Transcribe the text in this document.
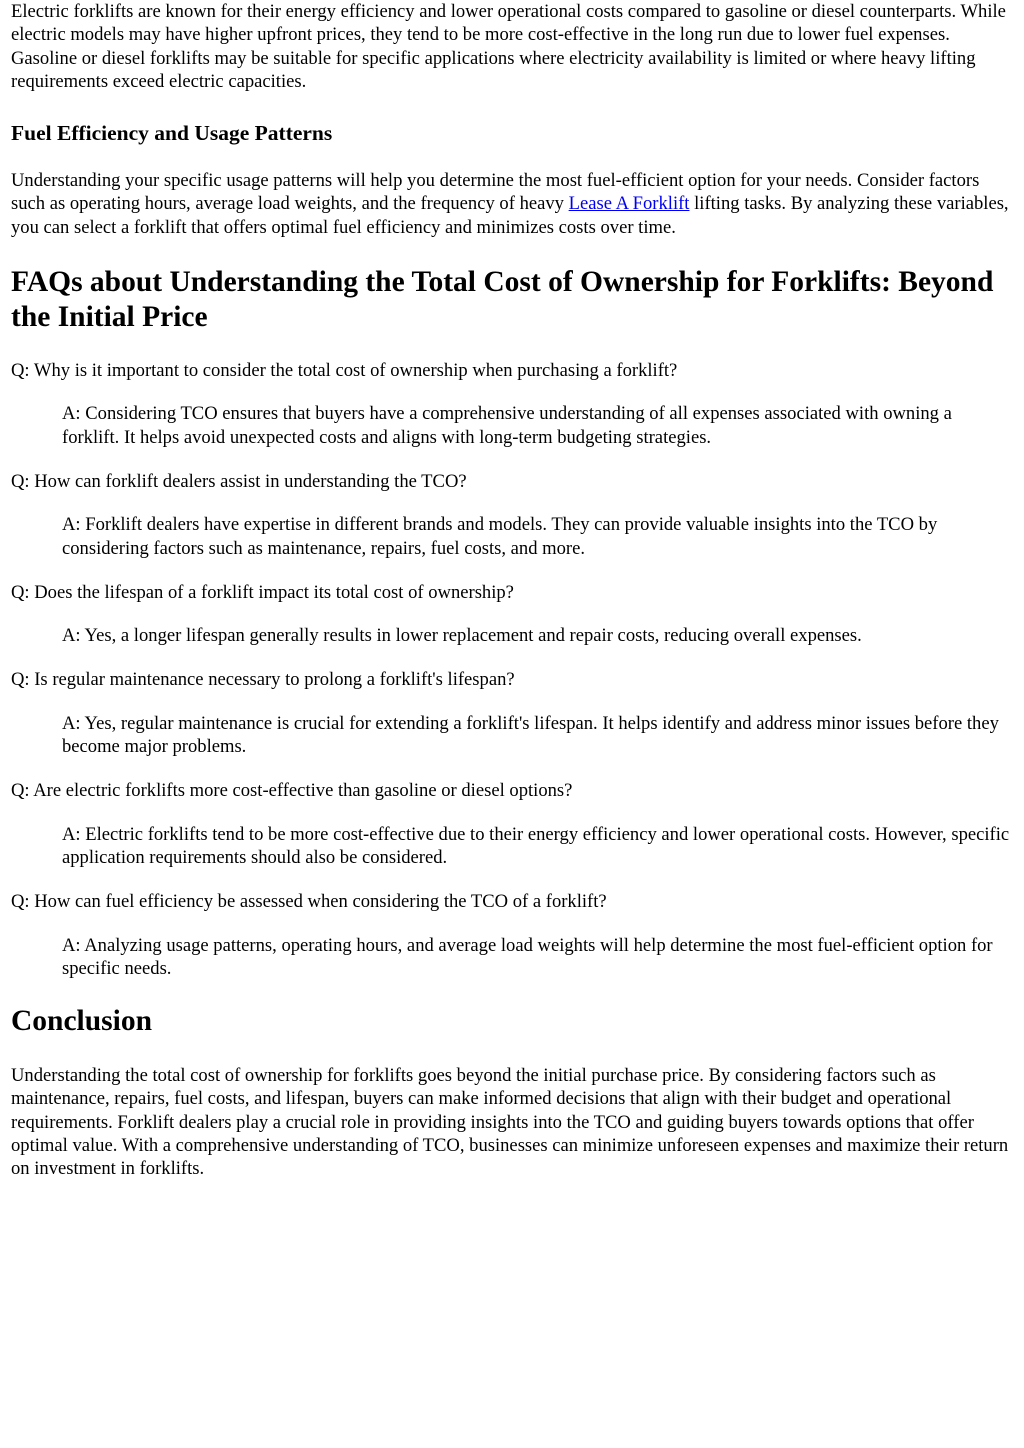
Electric forklifts are known for their energy efficiency and lower operational costs compared to gasoline or diesel counterparts. While electric models may have higher upfront prices, they tend to be more cost-effective in the long run due to lower fuel expenses. Gasoline or diesel forklifts may be suitable for specific applications where electricity availability is limited or where heavy lifting requirements exceed electric capacities.

Fuel Efficiency and Usage Patterns

Understanding your specific usage patterns will help you determine the most fuel-efficient option for your needs. Consider factors such as operating hours, average load weights, and the frequency of heavy Lease A Forklift lifting tasks. By analyzing these variables, you can select a forklift that offers optimal fuel efficiency and minimizes costs over time.

FAQs about Understanding the Total Cost of Ownership for Forklifts: Beyond the Initial Price

Q: Why is it important to consider the total cost of ownership when purchasing a forklift?

A: Considering TCO ensures that buyers have a comprehensive understanding of all expenses associated with owning a forklift. It helps avoid unexpected costs and aligns with long-term budgeting strategies.

Q: How can forklift dealers assist in understanding the TCO?

A: Forklift dealers have expertise in different brands and models. They can provide valuable insights into the TCO by considering factors such as maintenance, repairs, fuel costs, and more.

Q: Does the lifespan of a forklift impact its total cost of ownership?

A: Yes, a longer lifespan generally results in lower replacement and repair costs, reducing overall expenses.

Q: Is regular maintenance necessary to prolong a forklift's lifespan?

A: Yes, regular maintenance is crucial for extending a forklift's lifespan. It helps identify and address minor issues before they become major problems.

Q: Are electric forklifts more cost-effective than gasoline or diesel options?

A: Electric forklifts tend to be more cost-effective due to their energy efficiency and lower operational costs. However, specific application requirements should also be considered.

Q: How can fuel efficiency be assessed when considering the TCO of a forklift?

A: Analyzing usage patterns, operating hours, and average load weights will help determine the most fuel-efficient option for specific needs.

Conclusion

Understanding the total cost of ownership for forklifts goes beyond the initial purchase price. By considering factors such as maintenance, repairs, fuel costs, and lifespan, buyers can make informed decisions that align with their budget and operational requirements. Forklift dealers play a crucial role in providing insights into the TCO and guiding buyers towards options that offer optimal value. With a comprehensive understanding of TCO, businesses can minimize unforeseen expenses and maximize their return on investment in forklifts.
